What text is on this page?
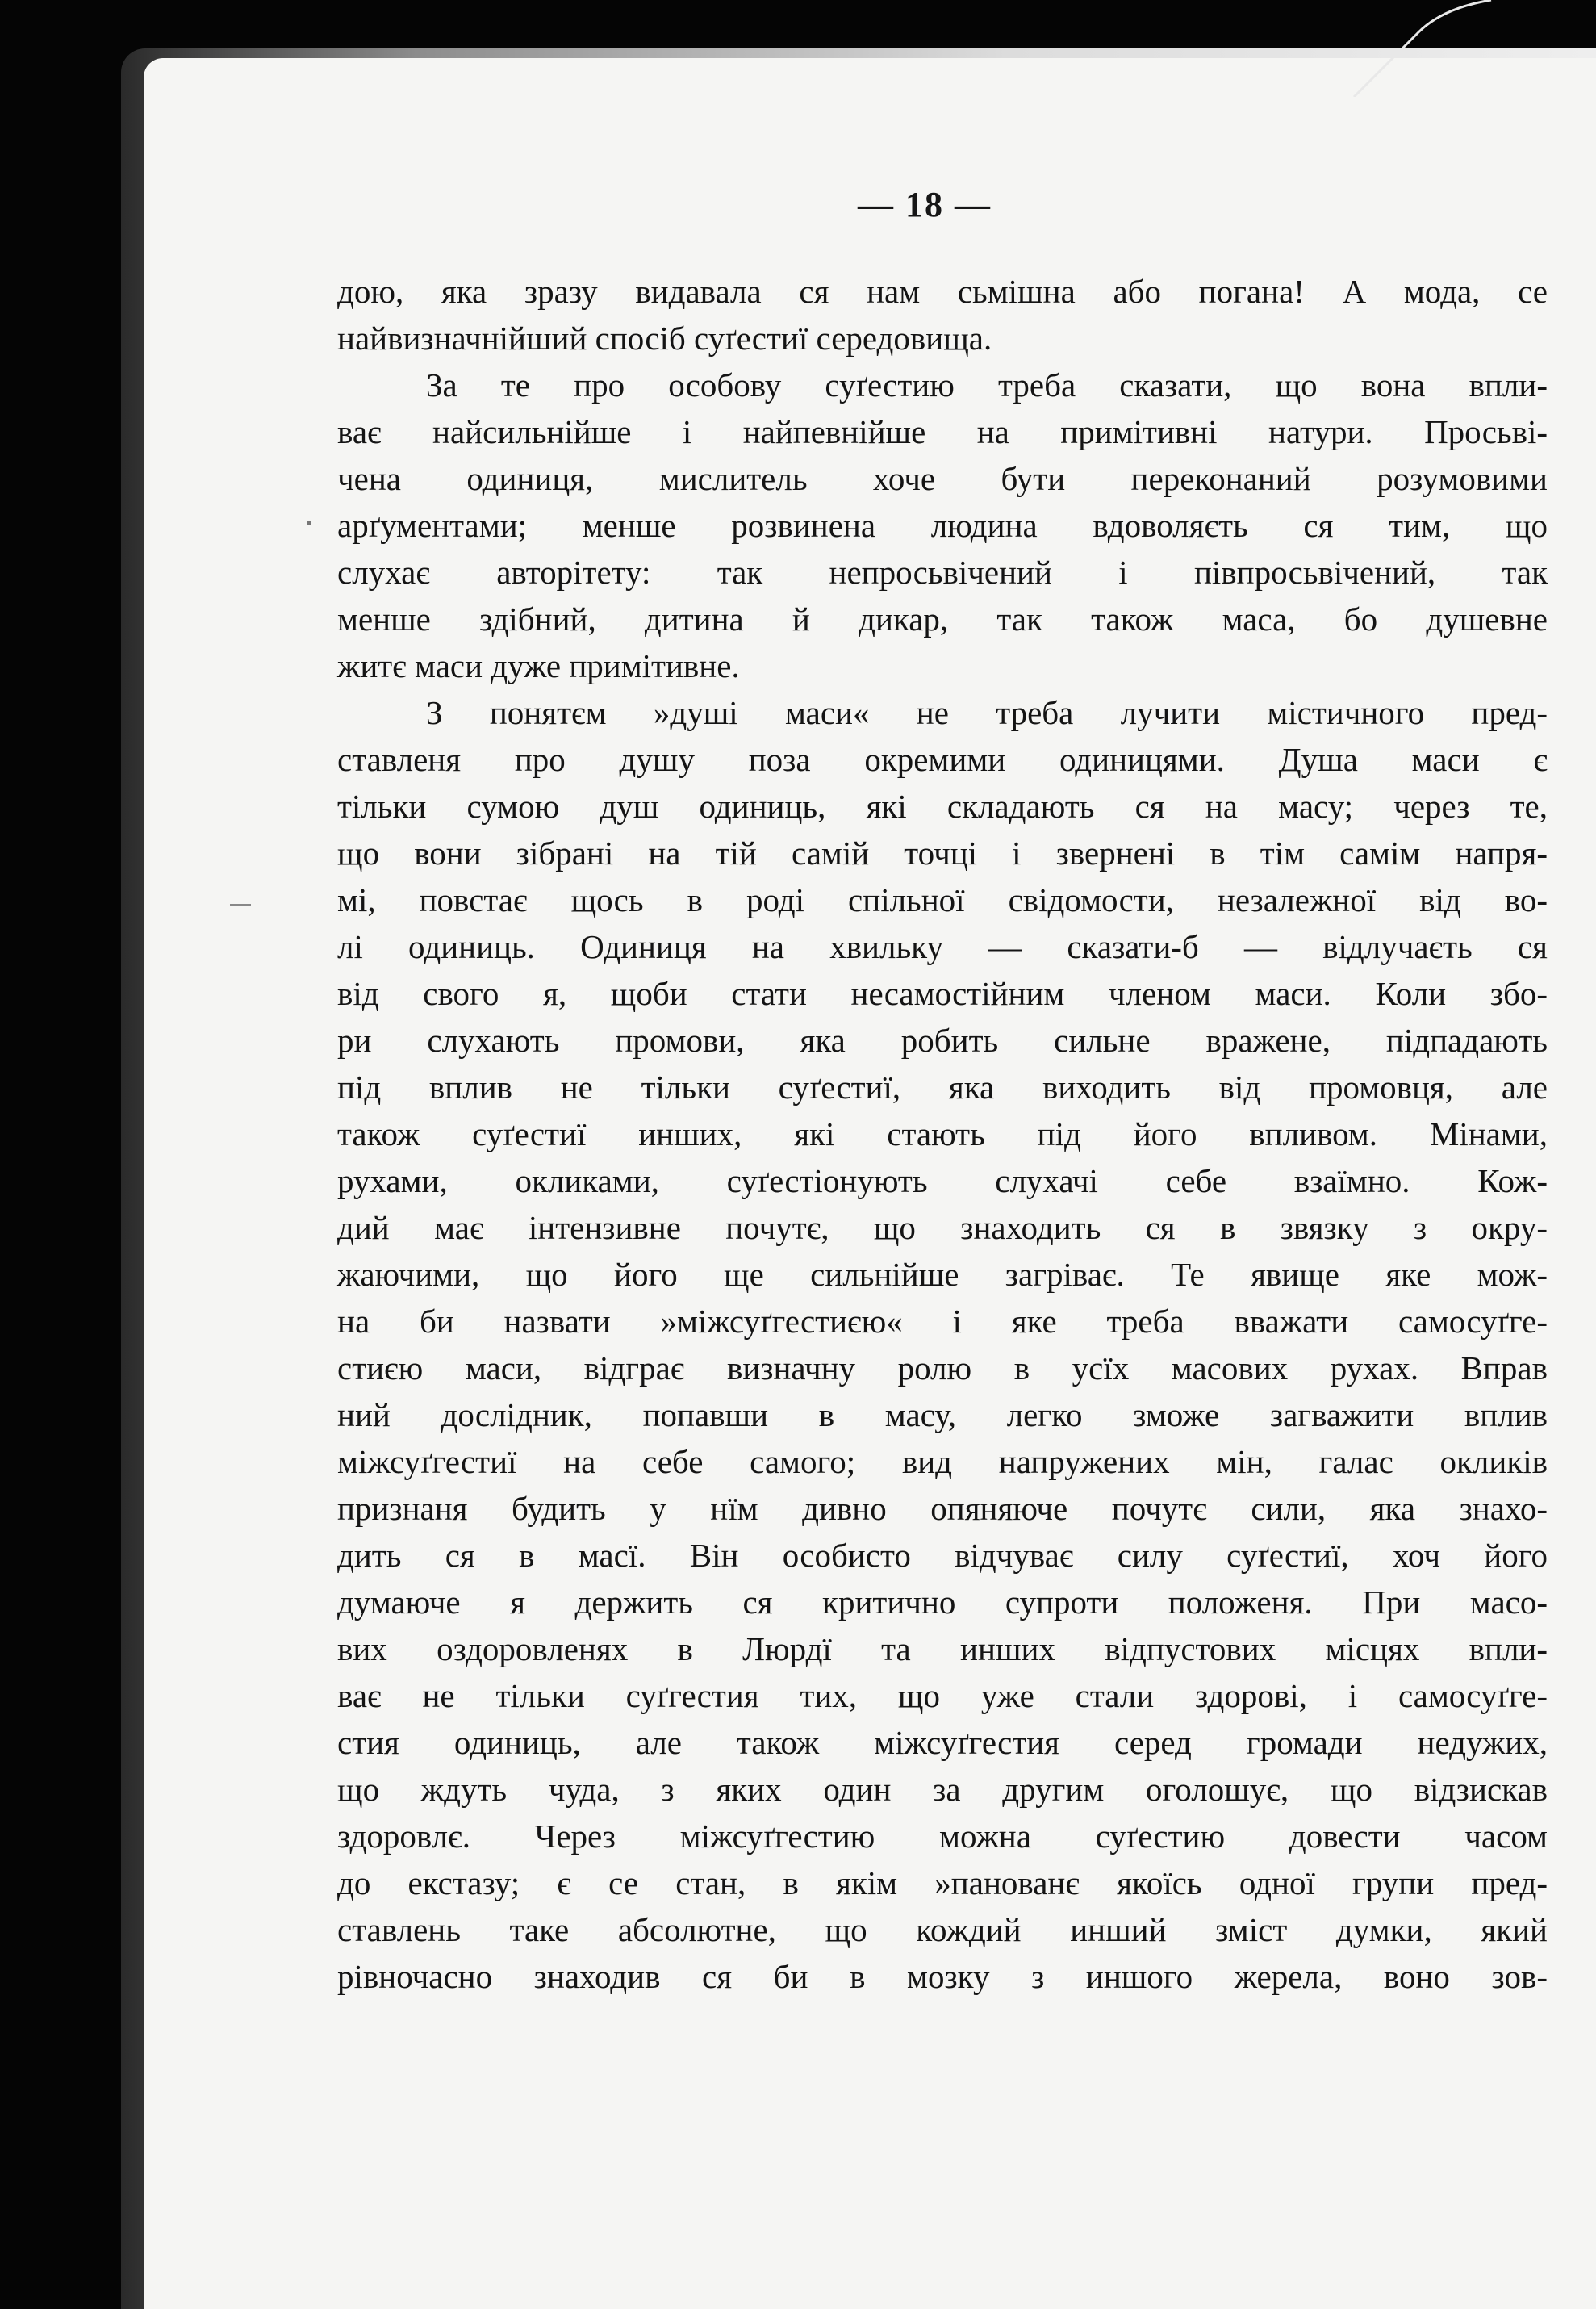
— 18 —
дою, яка зразу видавала ся нам сьмішна або погана! А мода, се
найвизначнійший спосіб суґестиї середовища.
За те про особову суґестию треба сказати, що вона впли-
ває найсильнійше і найпевнійше на примітивні натури. Просьві-
чена одиниця, мислитель хоче бути переконаний розумовими
арґументами; менше розвинена людина вдоволяєть ся тим, що
слухає авторітету: так непросьвічений і півпросьвічений, так
менше здібний, дитина й дикар, так також маса, бо душевне
житє маси дуже примітивне.
З понятєм »душі маси« не треба лучити містичного пред-
ставленя про душу поза окремими одиницями. Душа маси є
тільки сумою душ одиниць, які складають ся на масу; через те,
що вони зібрані на тій самій точці і звернені в тім самім напря-
мі, повстає щось в роді спільної свідомости, незалежної від во-
лі одиниць. Одиниця на хвильку — сказати-б — відлучаєть ся
від свого я, щоби стати несамостійним членом маси. Коли збо-
ри слухають промови, яка робить сильне вражене, підпадають
під вплив не тільки суґестиї, яка виходить від промовця, але
також суґестиї инших, які стають під його впливом. Мінами,
рухами, окликами, суґестіонують слухачі себе взаїмно. Кож-
дий має інтензивне почутє, що знаходить ся в звязку з окру-
жаючими, що його ще сильнійше загріває. Те явище яке мож-
на би назвати »міжсуґгестиєю« і яке треба вважати самосуґге-
стиєю маси, відграє визначну ролю в усїх масових рухах. Вправ
ний дослідник, попавши в масу, легко зможе загважити вплив
міжсуґгестиї на себе самого; вид напружених мін, галас окликів
признаня будить у нїм дивно опяняюче почутє сили, яка знахо-
дить ся в масї. Він особисто відчуває силу суґестиї, хоч його
думаюче я держить ся критично супроти положеня. При масо-
вих оздоровленях в Люрдї та инших відпустових місцях впли-
ває не тільки суґгестия тих, що уже стали здорові, і самосуґге-
стия одиниць, але також міжсуґгестия серед громади недужих,
що ждуть чуда, з яких один за другим оголошує, що відзискав
здоровлє. Через міжсуґгестию можна суґестию довести часом
до екстазу; є се стан, в якім »панованє якоїсь одної групи пред-
ставлень таке абсолютне, що кождий инший зміст думки, який
рівночасно знаходив ся би в мозку з иншого жерела, воно зов-
